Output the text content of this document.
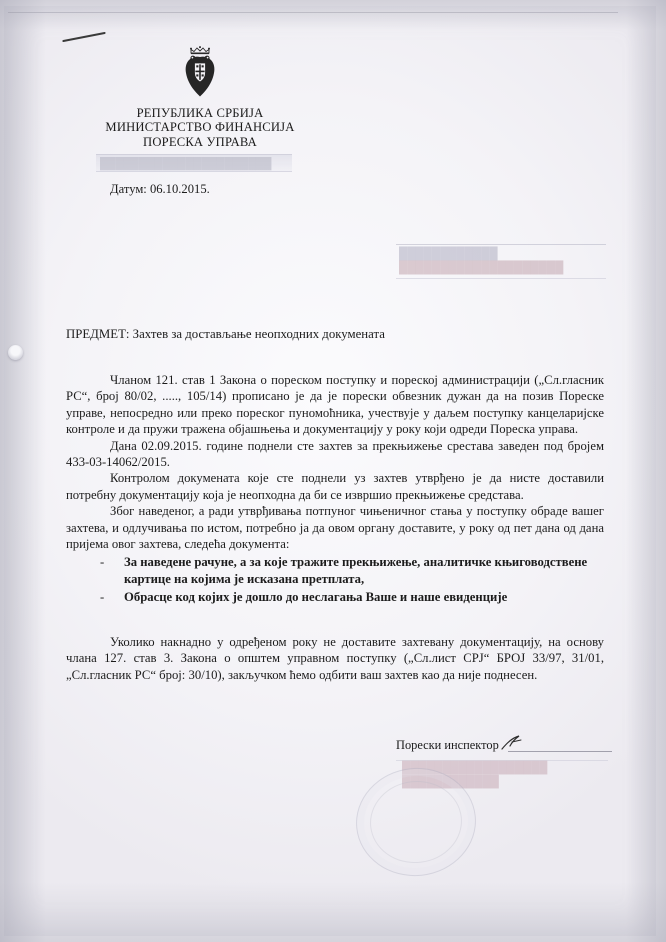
РЕПУБЛИКА СРБИЈА
МИНИСТАРСТВО ФИНАНСИЈА
ПОРЕСКА УПРАВА
██████████████████████
Датум: 06.10.2015.
████████████
████████████████████
ПРЕДМЕТ: Захтев за достављање неопходних докумената

Чланом 121. став 1 Закона о пореском поступку и пореској администрацији („Сл.гласник РС“, број 80/02, ....., 105/14) прописано је да је порески обвезник дужан да на позив Пореске управе, непосредно или преко пореског пуномоћника, учествује у даљем поступку канцеларијске контроле и да пружи тражена објашњења и документацију у року који одреди Пореска управа.

Дана 02.09.2015. године поднели сте захтев за прекњижење срестава заведен под бројем 433-03-14062/2015.

Контролом докумената које сте поднели уз захтев утврђено је да нисте доставили потребну документацију која је неопходна да би се извршио прекњижење средстава.

Због наведеног, а ради утврђивања потпуног чињеничног стања у поступку обраде вашег захтева, и одлучивања по истом, потребно ја да овом органу доставите, у року од пет дана од дана пријема овог захтева, следећа документа:

- За наведене рачуне, а за које тражите прекњижење, аналитичке књиговодствене картице на којима је исказана претплата,
- Обрасце код којих је дошло до неслагања Ваше и наше евиденције

Уколико накнадно у одређеном року не доставите захтевану документацију, на основу члана 127. став 3. Закона о општем управном поступку („Сл.лист СРЈ“ БРОЈ 33/97, 31/01, „Сл.гласник РС“ број: 30/10), закључком ћемо одбити ваш захтев као да није поднесен.

Порески инспектор
██████████████████
████████████
